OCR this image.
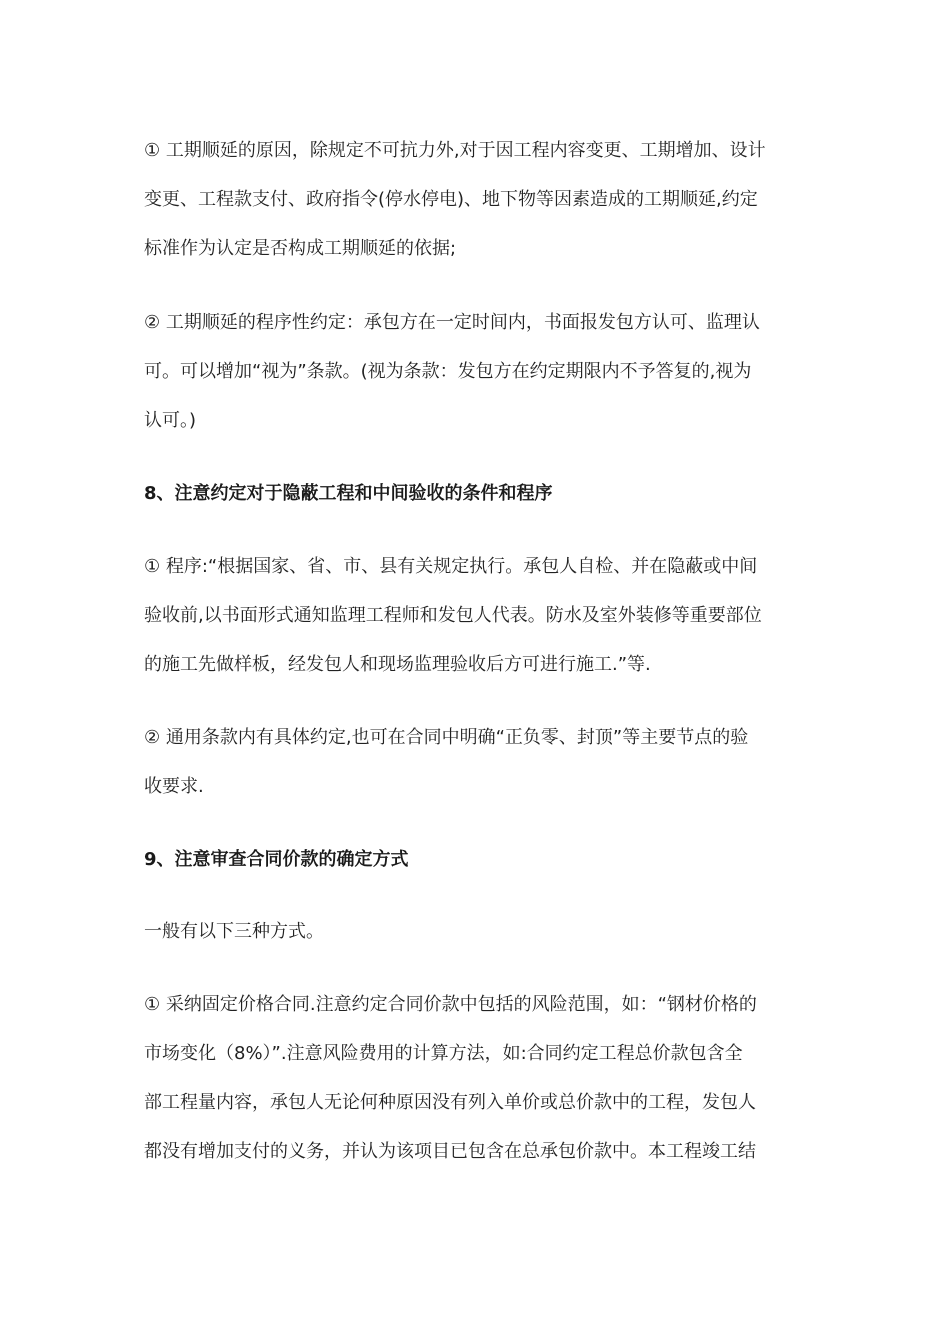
① 工期顺延的原因，除规定不可抗力外,对于因工程内容变更、工期增加、设计
变更、工程款支付、政府指令(停水停电)、地下物等因素造成的工期顺延,约定
标准作为认定是否构成工期顺延的依据;
② 工期顺延的程序性约定：承包方在一定时间内，书面报发包方认可、监理认
可。可以增加“视为”条款。(视为条款：发包方在约定期限内不予答复的,视为
认可。)
8、注意约定对于隐蔽工程和中间验收的条件和程序
① 程序:“根据国家、省、市、县有关规定执行。承包人自检、并在隐蔽或中间
验收前,以书面形式通知监理工程师和发包人代表。防水及室外装修等重要部位
的施工先做样板，经发包人和现场监理验收后方可进行施工.”等.
② 通用条款内有具体约定,也可在合同中明确“正负零、封顶”等主要节点的验
收要求.
9、注意审查合同价款的确定方式
一般有以下三种方式。
① 采纳固定价格合同.注意约定合同价款中包括的风险范围，如：“钢材价格的
市场变化（8%）”.注意风险费用的计算方法，如:合同约定工程总价款包含全
部工程量内容，承包人无论何种原因没有列入单价或总价款中的工程，发包人
都没有增加支付的义务，并认为该项目已包含在总承包价款中。本工程竣工结
